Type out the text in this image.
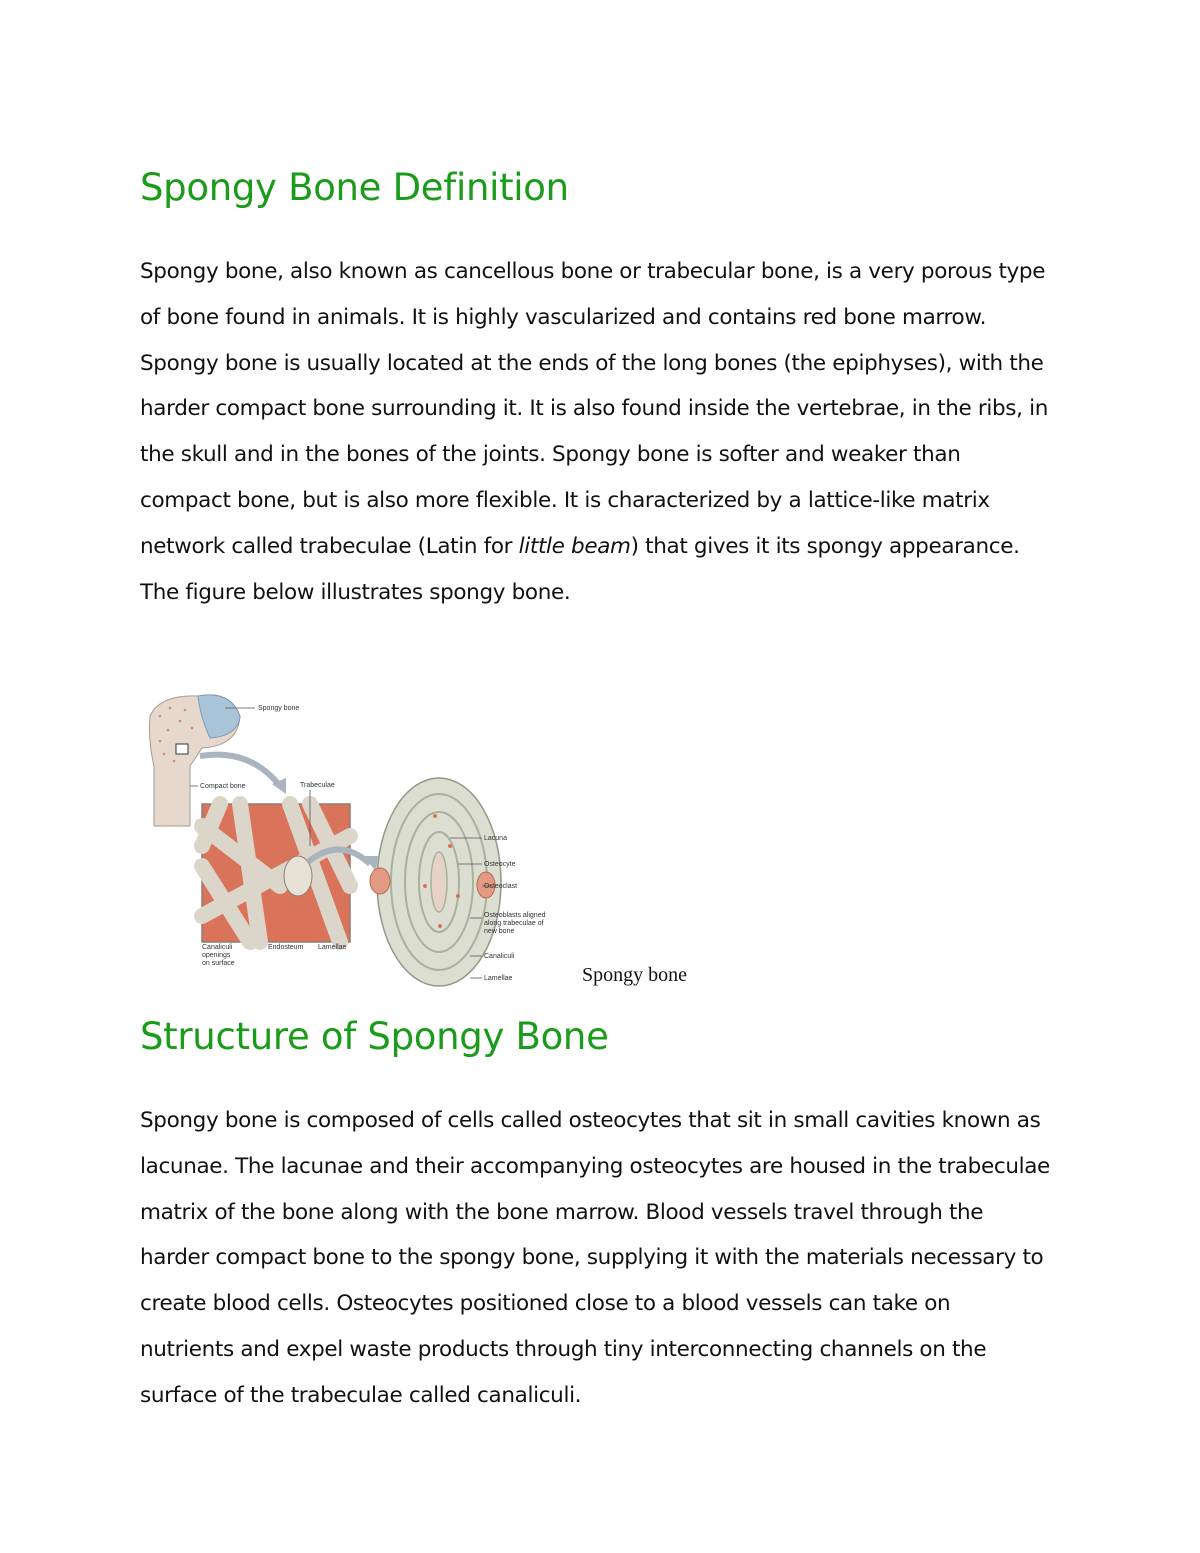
Spongy Bone Definition

Spongy bone, also known as cancellous bone or trabecular bone, is a very porous type of bone found in animals. It is highly vascularized and contains red bone marrow. Spongy bone is usually located at the ends of the long bones (the epiphyses), with the harder compact bone surrounding it. It is also found inside the vertebrae, in the ribs, in the skull and in the bones of the joints. Spongy bone is softer and weaker than compact bone, but is also more flexible. It is characterized by a lattice-like matrix network called trabeculae (Latin for little beam) that gives it its spongy appearance. The figure below illustrates spongy bone.

Spongy bone
Compact bone	Trabeculae
Canaliculi
openings
on surface
Endosteum Lamellae
Lacuna
Osteocyte
Osteoclast
Osteoblasts aligned
along trabeculae of
new bone
Canaliculi
Lamellae	Spongy bone
Structure of Spongy Bone

Spongy bone is composed of cells called osteocytes that sit in small cavities known as lacunae. The lacunae and their accompanying osteocytes are housed in the trabeculae matrix of the bone along with the bone marrow. Blood vessels travel through the harder compact bone to the spongy bone, supplying it with the materials necessary to create blood cells. Osteocytes positioned close to a blood vessels can take on nutrients and expel waste products through tiny interconnecting channels on the surface of the trabeculae called canaliculi.
